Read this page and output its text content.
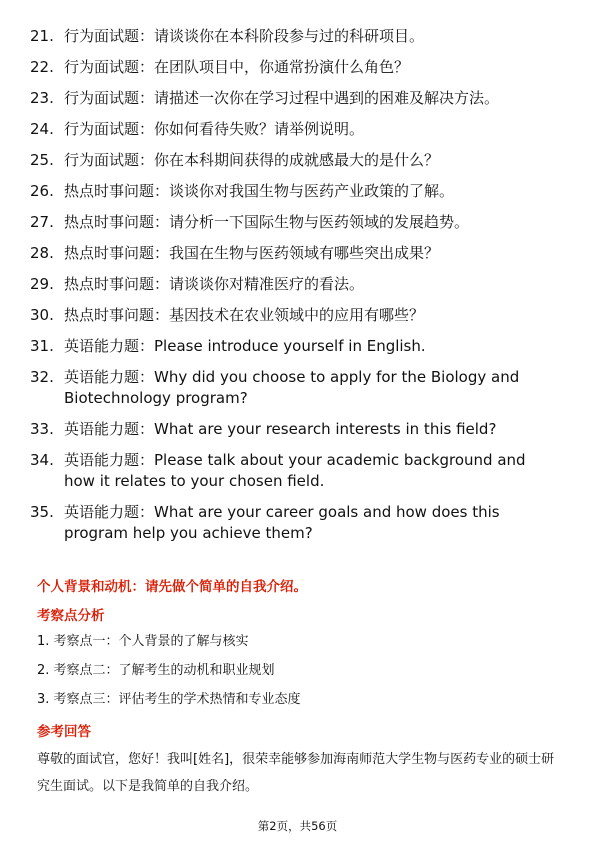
21. 行为面试题：请谈谈你在本科阶段参与过的科研项目。
22. 行为面试题：在团队项目中，你通常扮演什么角色？
23. 行为面试题：请描述一次你在学习过程中遇到的困难及解决方法。
24. 行为面试题：你如何看待失败？请举例说明。
25. 行为面试题：你在本科期间获得的成就感最大的是什么？
26. 热点时事问题：谈谈你对我国生物与医药产业政策的了解。
27. 热点时事问题：请分析一下国际生物与医药领域的发展趋势。
28. 热点时事问题：我国在生物与医药领域有哪些突出成果？
29. 热点时事问题：请谈谈你对精准医疗的看法。
30. 热点时事问题：基因技术在农业领域中的应用有哪些？
31. 英语能力题：Please introduce yourself in English.
32. 英语能力题：Why did you choose to apply for the Biology and Biotechnology program?
33. 英语能力题：What are your research interests in this field?
34. 英语能力题：Please talk about your academic background and how it relates to your chosen field.
35. 英语能力题：What are your career goals and how does this program help you achieve them?
个人背景和动机：请先做个简单的自我介绍。
考察点分析
1. 考察点一：个人背景的了解与核实
2. 考察点二：了解考生的动机和职业规划
3. 考察点三：评估考生的学术热情和专业态度
参考回答
尊敬的面试官，您好！我叫[姓名]，很荣幸能够参加海南师范大学生物与医药专业的硕士研究生面试。以下是我简单的自我介绍。
第2页，共56页
